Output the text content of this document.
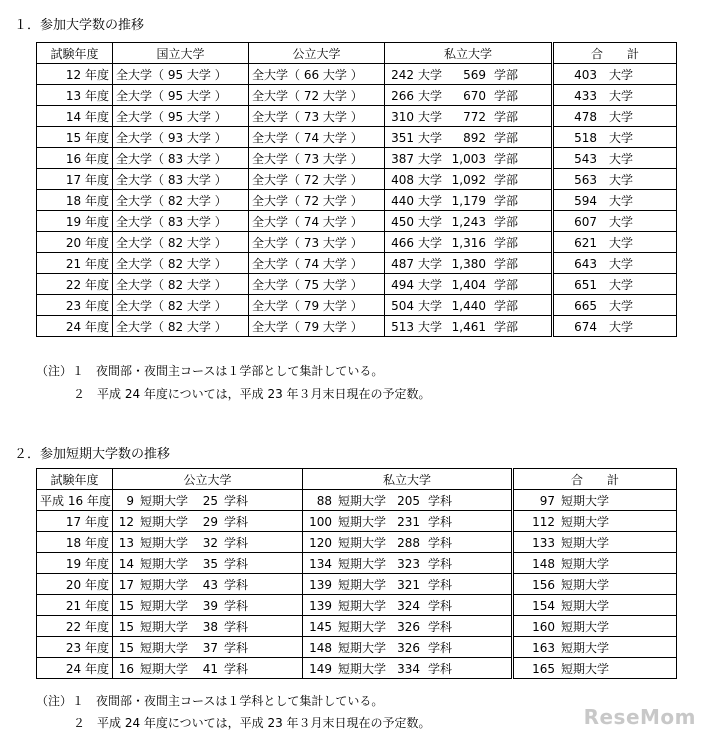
１．参加大学数の推移
試験年度	国立大学	公立大学	私立大学	合　　計
12 年度	全大学（ 95 大学 ）	全大学（ 66 大学 ）	242 大学 569 学部	403 大学
13 年度	全大学（ 95 大学 ）	全大学（ 72 大学 ）	266 大学 670 学部	433 大学
14 年度	全大学（ 95 大学 ）	全大学（ 73 大学 ）	310 大学 772 学部	478 大学
15 年度	全大学（ 93 大学 ）	全大学（ 74 大学 ）	351 大学 892 学部	518 大学
16 年度	全大学（ 83 大学 ）	全大学（ 73 大学 ）	387 大学 1,003 学部	543 大学
17 年度	全大学（ 83 大学 ）	全大学（ 72 大学 ）	408 大学 1,092 学部	563 大学
18 年度	全大学（ 82 大学 ）	全大学（ 72 大学 ）	440 大学 1,179 学部	594 大学
19 年度	全大学（ 83 大学 ）	全大学（ 74 大学 ）	450 大学 1,243 学部	607 大学
20 年度	全大学（ 82 大学 ）	全大学（ 73 大学 ）	466 大学 1,316 学部	621 大学
21 年度	全大学（ 82 大学 ）	全大学（ 74 大学 ）	487 大学 1,380 学部	643 大学
22 年度	全大学（ 82 大学 ）	全大学（ 75 大学 ）	494 大学 1,404 学部	651 大学
23 年度	全大学（ 82 大学 ）	全大学（ 79 大学 ）	504 大学 1,440 学部	665 大学
24 年度	全大学（ 82 大学 ）	全大学（ 79 大学 ）	513 大学 1,461 学部	674 大学
（注）１　夜間部・夜間主コースは１学部として集計している。
２　平成 24 年度については，平成 23 年３月末日現在の予定数。
２．参加短期大学数の推移
試験年度	公立大学	私立大学	合　　計
平成 16 年度	9 短期大学 25 学科	88 短期大学 205 学科	97 短期大学
17 年度	12 短期大学 29 学科	100 短期大学 231 学科	112 短期大学
18 年度	13 短期大学 32 学科	120 短期大学 288 学科	133 短期大学
19 年度	14 短期大学 35 学科	134 短期大学 323 学科	148 短期大学
20 年度	17 短期大学 43 学科	139 短期大学 321 学科	156 短期大学
21 年度	15 短期大学 39 学科	139 短期大学 324 学科	154 短期大学
22 年度	15 短期大学 38 学科	145 短期大学 326 学科	160 短期大学
23 年度	15 短期大学 37 学科	148 短期大学 326 学科	163 短期大学
24 年度	16 短期大学 41 学科	149 短期大学 334 学科	165 短期大学
（注）１　夜間部・夜間主コースは１学科として集計している。
２　平成 24 年度については，平成 23 年３月末日現在の予定数。	ReseMom
